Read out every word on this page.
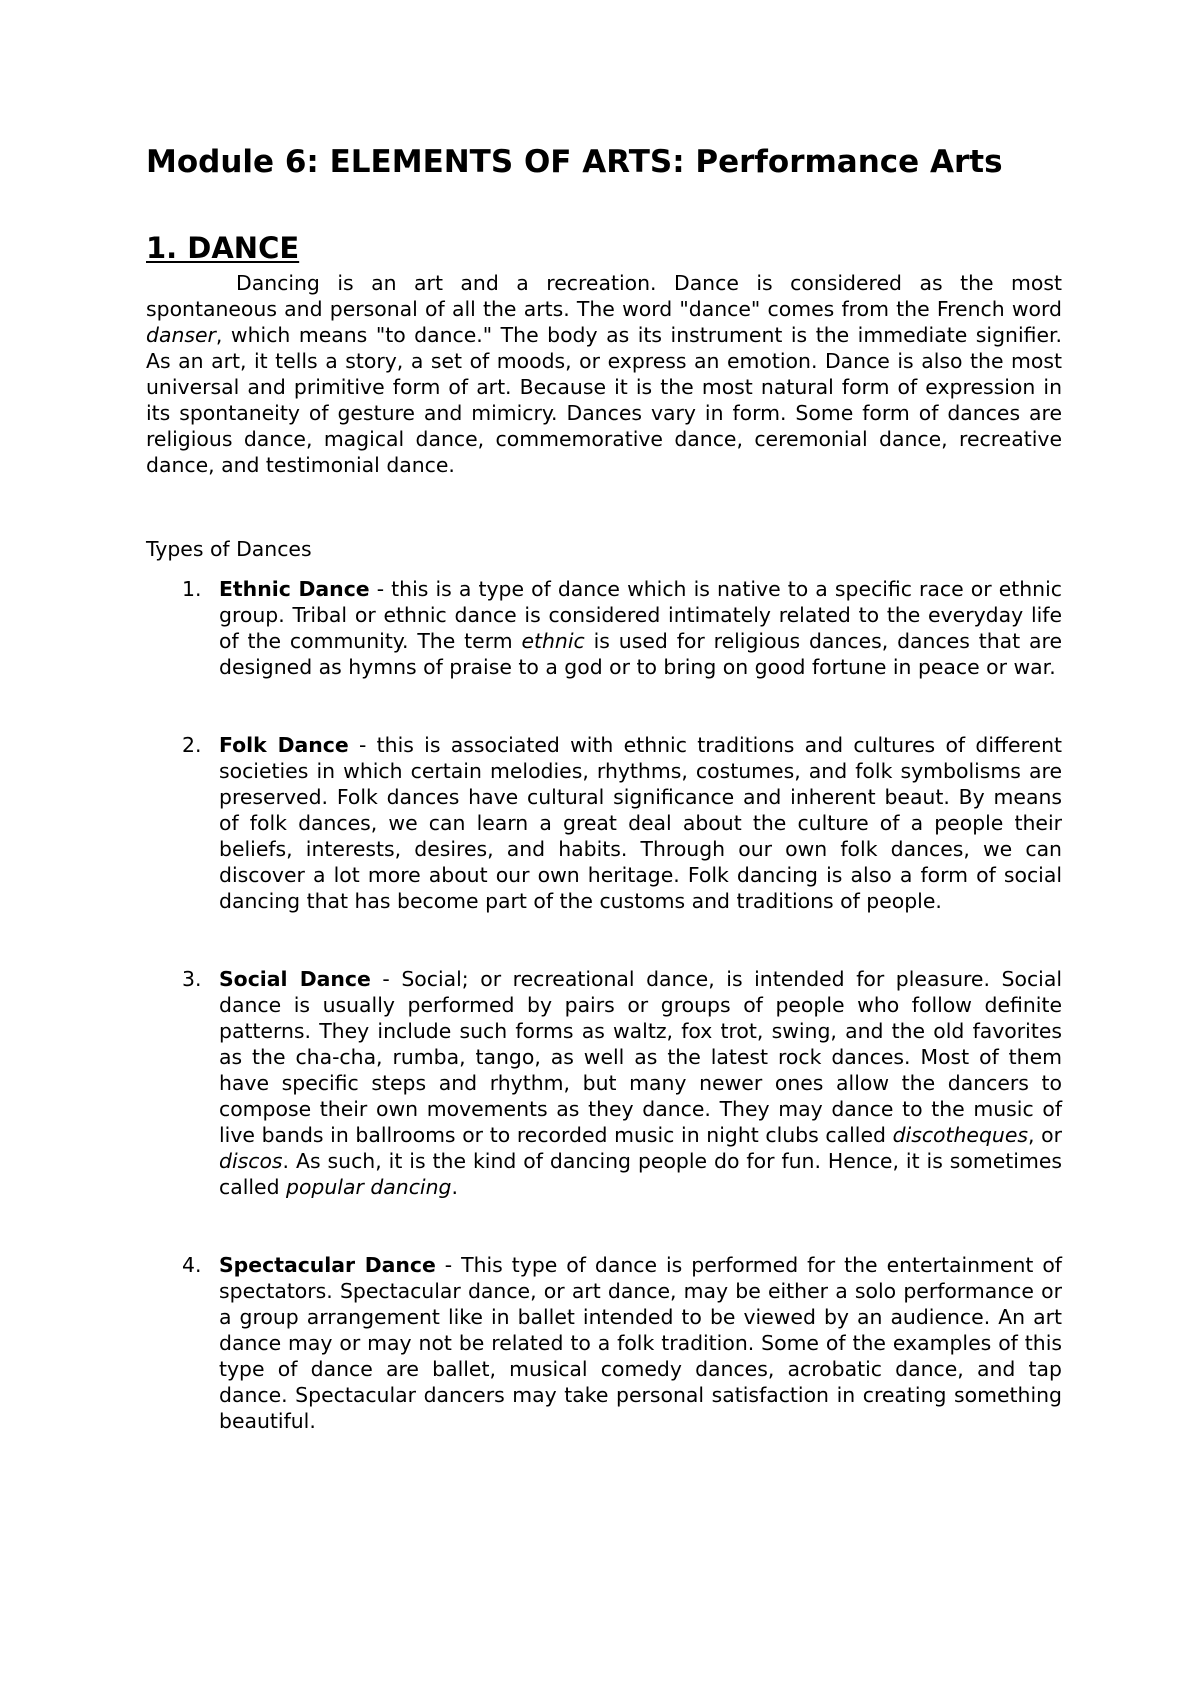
Module 6: ELEMENTS OF ARTS: Performance Arts
1. DANCE

Dancing is an art and a recreation. Dance is considered as the most spontaneous and personal of all the arts. The word "dance" comes from the French word danser, which means "to dance." The body as its instrument is the immediate signifier. As an art, it tells a story, a set of moods, or express an emotion. Dance is also the most universal and primitive form of art. Because it is the most natural form of expression in its spontaneity of gesture and mimicry. Dances vary in form. Some form of dances are religious dance, magical dance, commemorative dance, ceremonial dance, recreative dance, and testimonial dance.

Types of Dances
1. Ethnic Dance - this is a type of dance which is native to a specific race or ethnic group. Tribal or ethnic dance is considered intimately related to the everyday life of the community. The term ethnic is used for religious dances, dances that are designed as hymns of praise to a god or to bring on good fortune in peace or war.
2. Folk Dance - this is associated with ethnic traditions and cultures of different societies in which certain melodies, rhythms, costumes, and folk symbolisms are preserved. Folk dances have cultural significance and inherent beaut. By means of folk dances, we can learn a great deal about the culture of a people their beliefs, interests, desires, and habits. Through our own folk dances, we can discover a lot more about our own heritage. Folk dancing is also a form of social dancing that has become part of the customs and traditions of people.
3. Social Dance - Social; or recreational dance, is intended for pleasure. Social dance is usually performed by pairs or groups of people who follow definite patterns. They include such forms as waltz, fox trot, swing, and the old favorites as the cha-cha, rumba, tango, as well as the latest rock dances. Most of them have specific steps and rhythm, but many newer ones allow the dancers to compose their own movements as they dance. They may dance to the music of live bands in ballrooms or to recorded music in night clubs called discotheques, or discos. As such, it is the kind of dancing people do for fun. Hence, it is sometimes called popular dancing.
4. Spectacular Dance - This type of dance is performed for the entertainment of spectators. Spectacular dance, or art dance, may be either a solo performance or a group arrangement like in ballet intended to be viewed by an audience. An art dance may or may not be related to a folk tradition. Some of the examples of this type of dance are ballet, musical comedy dances, acrobatic dance, and tap dance. Spectacular dancers may take personal satisfaction in creating something beautiful.
